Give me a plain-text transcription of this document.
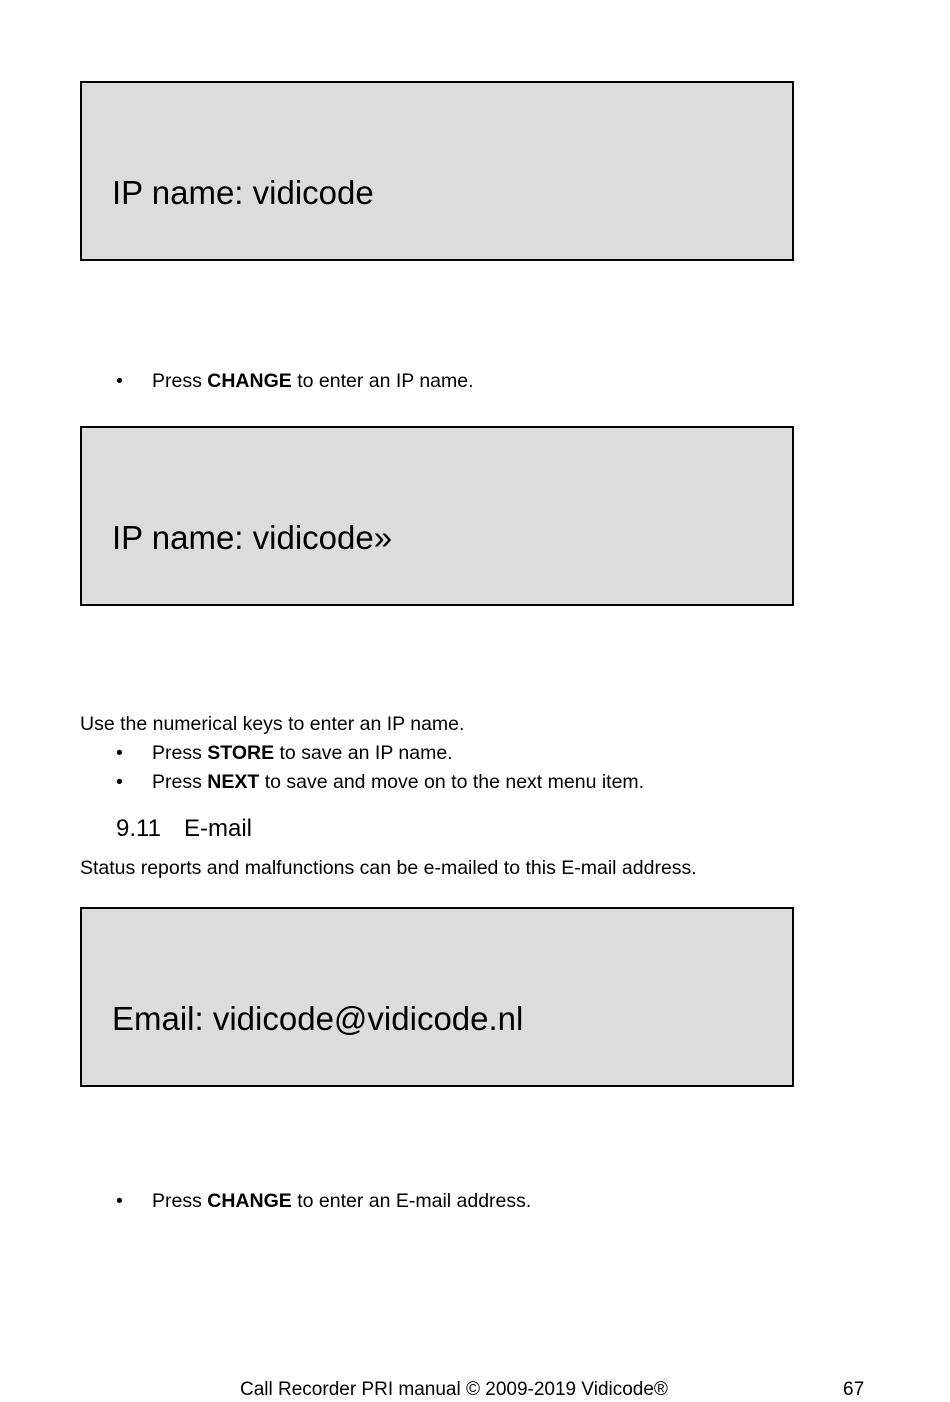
IP name: vidicode
• Press CHANGE to enter an IP name.
IP name: vidicode»
Use the numerical keys to enter an IP name.
• Press STORE to save an IP name.
• Press NEXT to save and move on to the next menu item.
9.11 E-mail
Status reports and malfunctions can be e-mailed to this E-mail address.
Email: vidicode@vidicode.nl
• Press CHANGE to enter an E-mail address.
Call Recorder PRI manual © 2009-2019 Vidicode®	67
